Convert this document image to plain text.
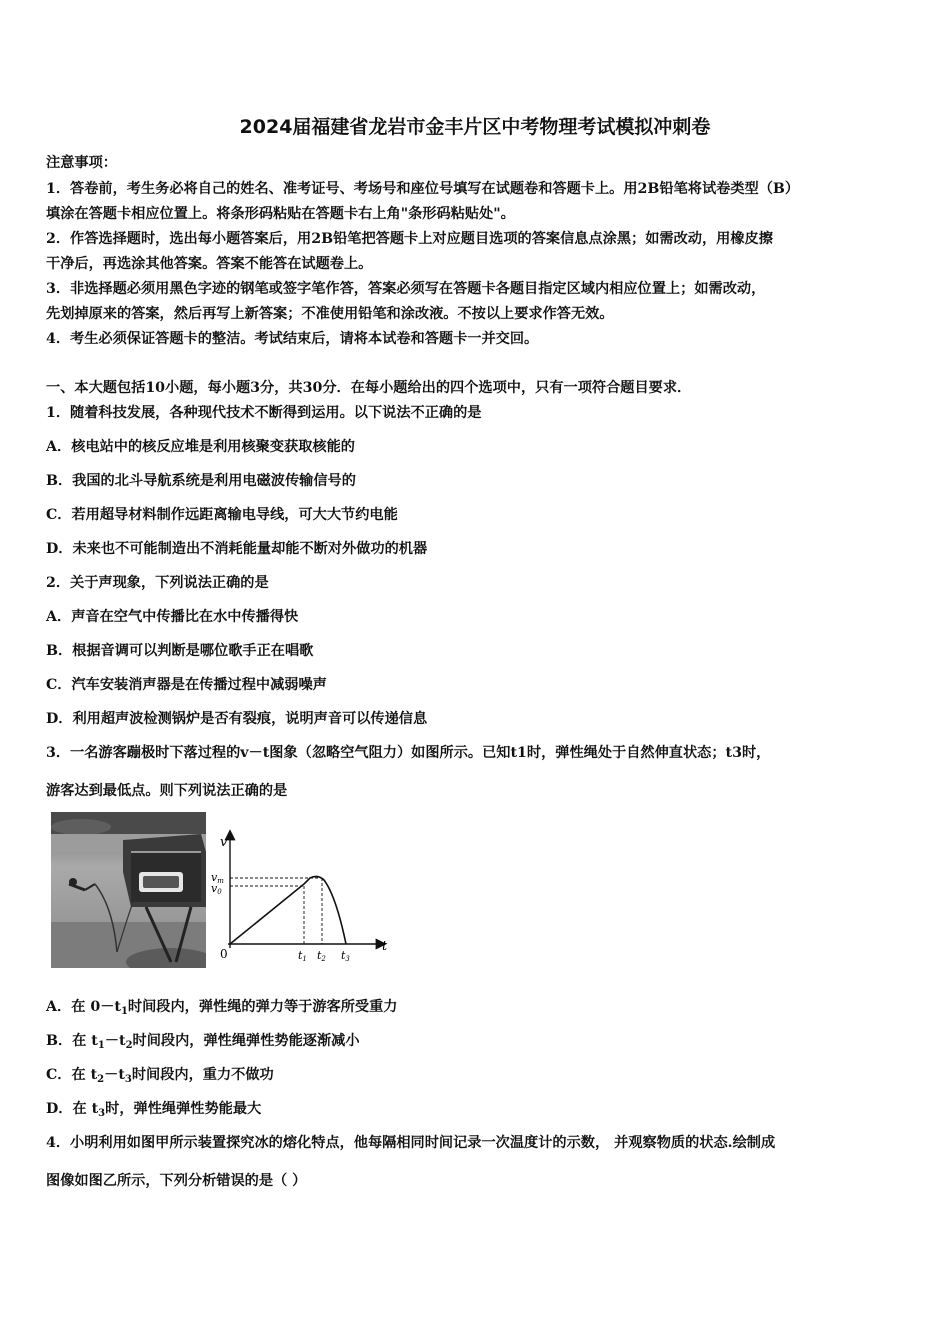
2024届福建省龙岩市金丰片区中考物理考试模拟冲刺卷
注意事项：
1．答卷前，考生务必将自己的姓名、准考证号、考场号和座位号填写在试题卷和答题卡上。用2B铅笔将试卷类型（B）
填涂在答题卡相应位置上。将条形码粘贴在答题卡右上角"条形码粘贴处"。
2．作答选择题时，选出每小题答案后，用2B铅笔把答题卡上对应题目选项的答案信息点涂黑；如需改动，用橡皮擦
干净后，再选涂其他答案。答案不能答在试题卷上。
3．非选择题必须用黑色字迹的钢笔或签字笔作答，答案必须写在答题卡各题目指定区域内相应位置上；如需改动，
先划掉原来的答案，然后再写上新答案；不准使用铅笔和涂改液。不按以上要求作答无效。
4．考生必须保证答题卡的整洁。考试结束后，请将本试卷和答题卡一并交回。
一、本大题包括10小题，每小题3分，共30分．在每小题给出的四个选项中，只有一项符合题目要求．
1．随着科技发展，各种现代技术不断得到运用。以下说法不正确的是
A．核电站中的核反应堆是利用核聚变获取核能的
B．我国的北斗导航系统是利用电磁波传输信号的
C．若用超导材料制作远距离输电导线，可大大节约电能
D．未来也不可能制造出不消耗能量却能不断对外做功的机器
2．关于声现象，下列说法正确的是
A．声音在空气中传播比在水中传播得快
B．根据音调可以判断是哪位歌手正在唱歌
C．汽车安装消声器是在传播过程中减弱噪声
D．利用超声波检测锅炉是否有裂痕，说明声音可以传递信息
3．一名游客蹦极时下落过程的v－t图象（忽略空气阻力）如图所示。已知t1时，弹性绳处于自然伸直状态；t3时，
游客达到最低点。则下列说法正确的是
v
t
0
vm
v0
t1 t2 t3
A．在 $0-t_1$时间段内，弹性绳的弹力等于游客所受重力
B．在 $t_1-t_2$时间段内，弹性绳弹性势能逐渐减小
C．在 $t_2-t_3$时间段内，重力不做功
D．在 $t_3$时，弹性绳弹性势能最大
4．小明利用如图甲所示装置探究冰的熔化特点，他每隔相同时间记录一次温度计的示数， 并观察物质的状态.绘制成
图像如图乙所示，下列分析错误的是（ ）
